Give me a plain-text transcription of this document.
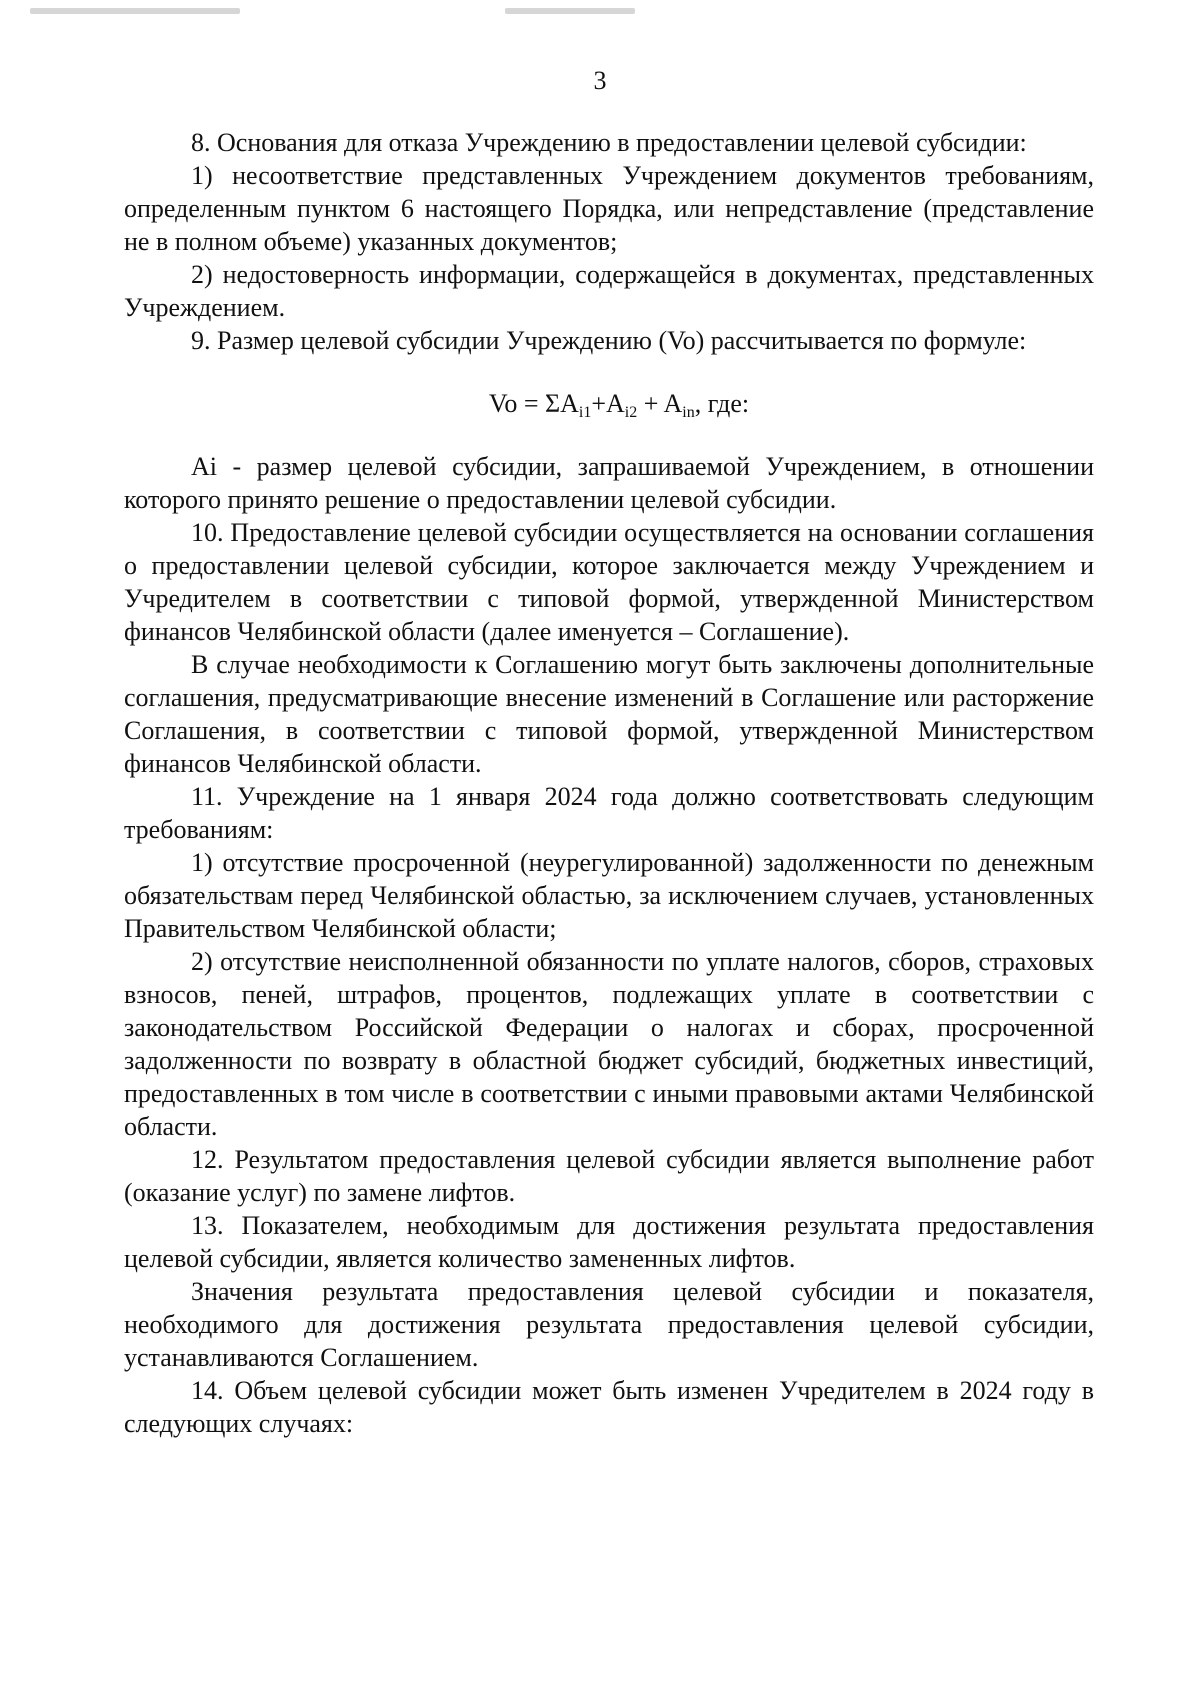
3

8. Основания для отказа Учреждению в предоставлении целевой субсидии:

1) несоответствие представленных Учреждением документов требованиям, определенным пунктом 6 настоящего Порядка, или непредставление (представление не в полном объеме) указанных документов;

2) недостоверность информации, содержащейся в документах, представленных Учреждением.

9. Размер целевой субсидии Учреждению (Vo) рассчитывается по формуле:

$Vo = \Sigma A_{i1}+A_{i2} + A_{in}$, где:

Ai - размер целевой субсидии, запрашиваемой Учреждением, в отношении которого принято решение о предоставлении целевой субсидии.

10. Предоставление целевой субсидии осуществляется на основании соглашения о предоставлении целевой субсидии, которое заключается между Учреждением и Учредителем в соответствии с типовой формой, утвержденной Министерством финансов Челябинской области (далее именуется – Соглашение).

В случае необходимости к Соглашению могут быть заключены дополнительные соглашения, предусматривающие внесение изменений в Соглашение или расторжение Соглашения, в соответствии с типовой формой, утвержденной Министерством финансов Челябинской области.

11. Учреждение на 1 января 2024 года должно соответствовать следующим требованиям:

1) отсутствие просроченной (неурегулированной) задолженности по денежным обязательствам перед Челябинской областью, за исключением случаев, установленных Правительством Челябинской области;

2) отсутствие неисполненной обязанности по уплате налогов, сборов, страховых взносов, пеней, штрафов, процентов, подлежащих уплате в соответствии с законодательством Российской Федерации о налогах и сборах, просроченной задолженности по возврату в областной бюджет субсидий, бюджетных инвестиций, предоставленных в том числе в соответствии с иными правовыми актами Челябинской области.

12. Результатом предоставления целевой субсидии является выполнение работ (оказание услуг) по замене лифтов.

13. Показателем, необходимым для достижения результата предоставления целевой субсидии, является количество замененных лифтов.

Значения результата предоставления целевой субсидии и показателя, необходимого для достижения результата предоставления целевой субсидии, устанавливаются Соглашением.

14. Объем целевой субсидии может быть изменен Учредителем в 2024 году в следующих случаях:
